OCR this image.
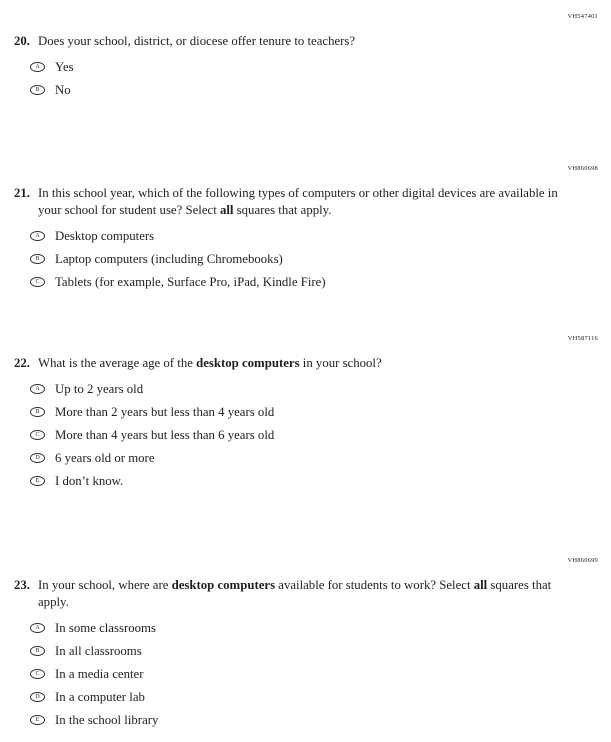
VH547401
20. Does your school, district, or diocese offer tenure to teachers?
A Yes
B No
VH860698
21. In this school year, which of the following types of computers or other digital devices are available in your school for student use? Select all squares that apply.
A Desktop computers
B Laptop computers (including Chromebooks)
C Tablets (for example, Surface Pro, iPad, Kindle Fire)
VH587116
22. What is the average age of the desktop computers in your school?
A Up to 2 years old
B More than 2 years but less than 4 years old
C More than 4 years but less than 6 years old
D 6 years old or more
E I don’t know.
VH860699
23. In your school, where are desktop computers available for students to work? Select all squares that apply.
A In some classrooms
B In all classrooms
C In a media center
D In a computer lab
E In the school library
